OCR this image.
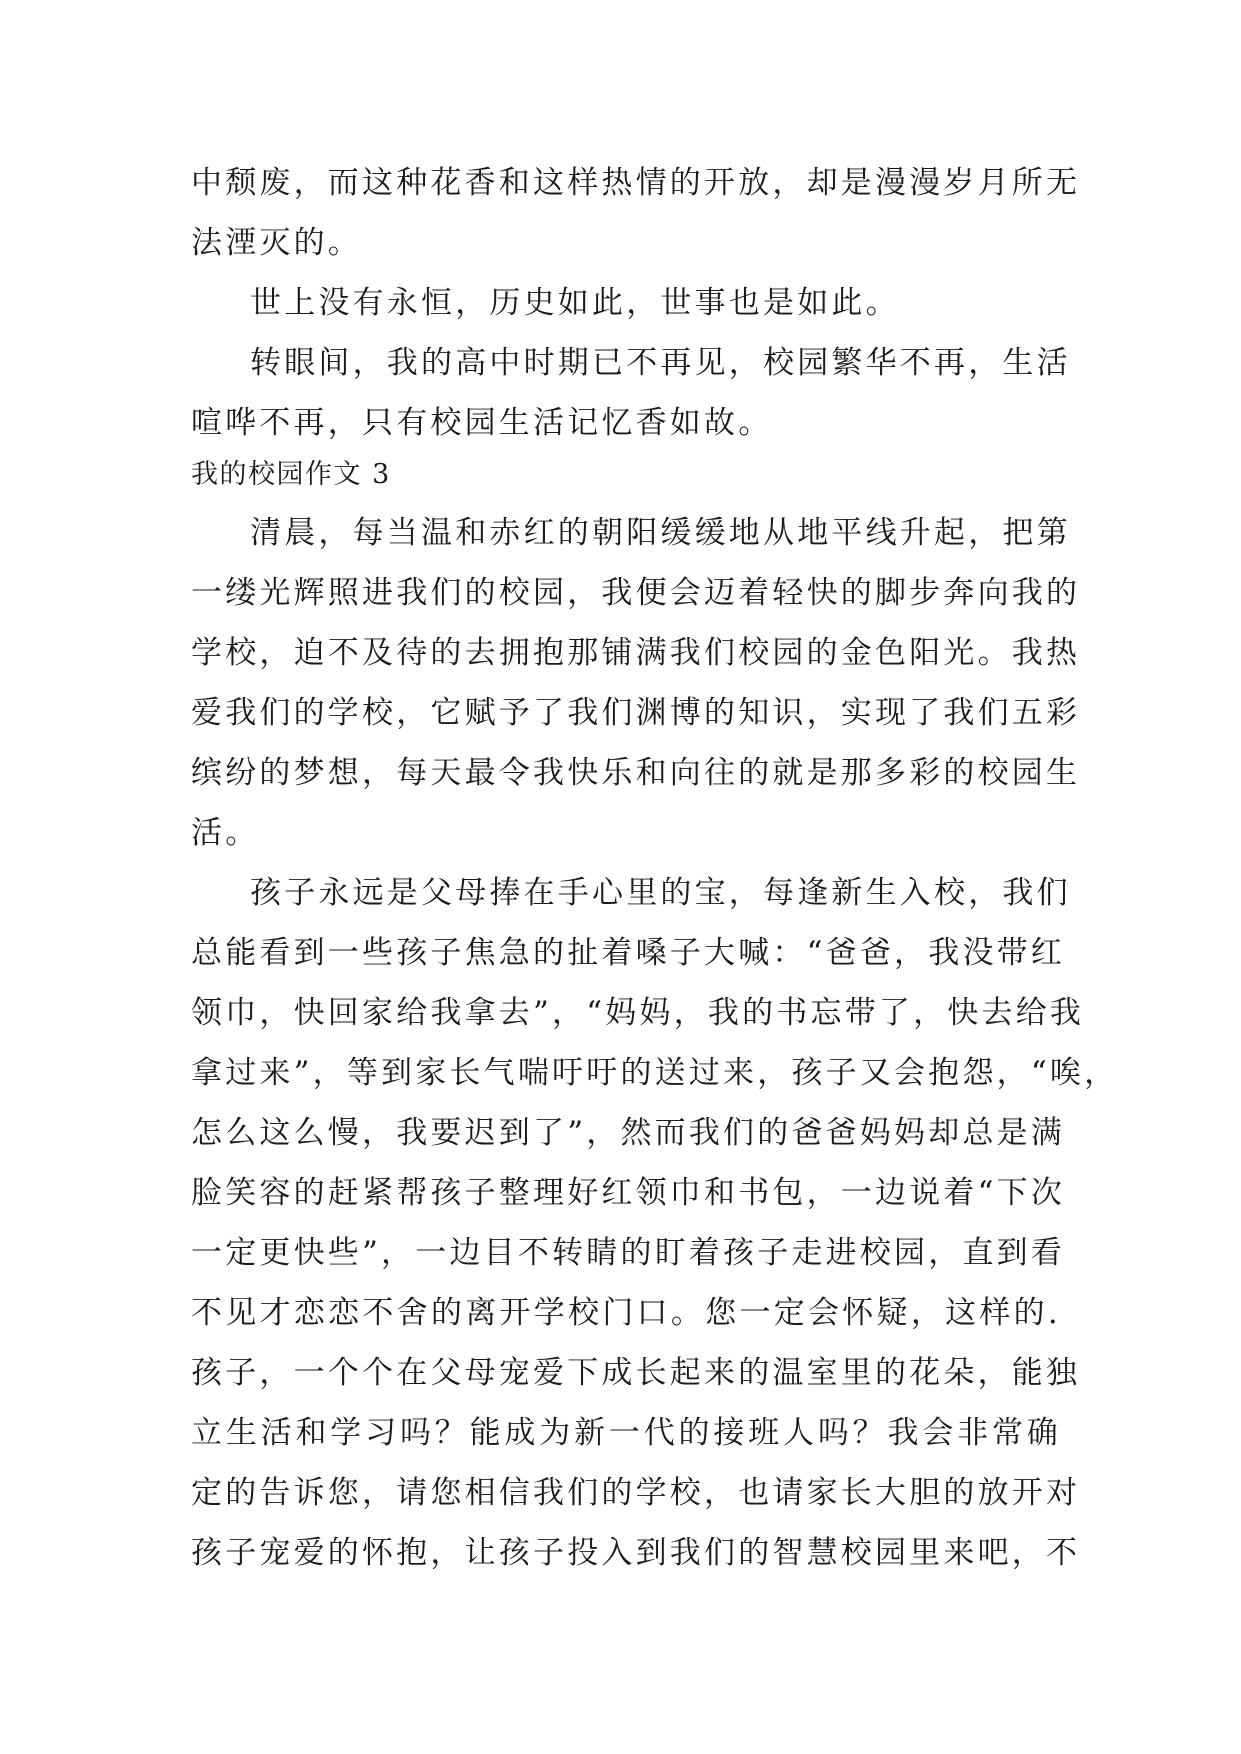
中颓废，而这种花香和这样热情的开放，却是漫漫岁月所无
法湮灭的。
世上没有永恒，历史如此，世事也是如此。
转眼间，我的高中时期已不再见，校园繁华不再，生活
喧哗不再，只有校园生活记忆香如故。
我的校园作文 3
清晨，每当温和赤红的朝阳缓缓地从地平线升起，把第
一缕光辉照进我们的校园，我便会迈着轻快的脚步奔向我的
学校，迫不及待的去拥抱那铺满我们校园的金色阳光。我热
爱我们的学校，它赋予了我们渊博的知识，实现了我们五彩
缤纷的梦想，每天最令我快乐和向往的就是那多彩的校园生
活。
孩子永远是父母捧在手心里的宝，每逢新生入校，我们
总能看到一些孩子焦急的扯着嗓子大喊：“爸爸，我没带红
领巾，快回家给我拿去”，“妈妈，我的书忘带了，快去给我
拿过来”，等到家长气喘吁吁的送过来，孩子又会抱怨，“唉，
怎么这么慢，我要迟到了”，然而我们的爸爸妈妈却总是满
脸笑容的赶紧帮孩子整理好红领巾和书包，一边说着“下次
一定更快些”，一边目不转睛的盯着孩子走进校园，直到看
不见才恋恋不舍的离开学校门口。您一定会怀疑，这样的.
孩子，一个个在父母宠爱下成长起来的温室里的花朵，能独
立生活和学习吗？能成为新一代的接班人吗？我会非常确
定的告诉您，请您相信我们的学校，也请家长大胆的放开对
孩子宠爱的怀抱，让孩子投入到我们的智慧校园里来吧，不
